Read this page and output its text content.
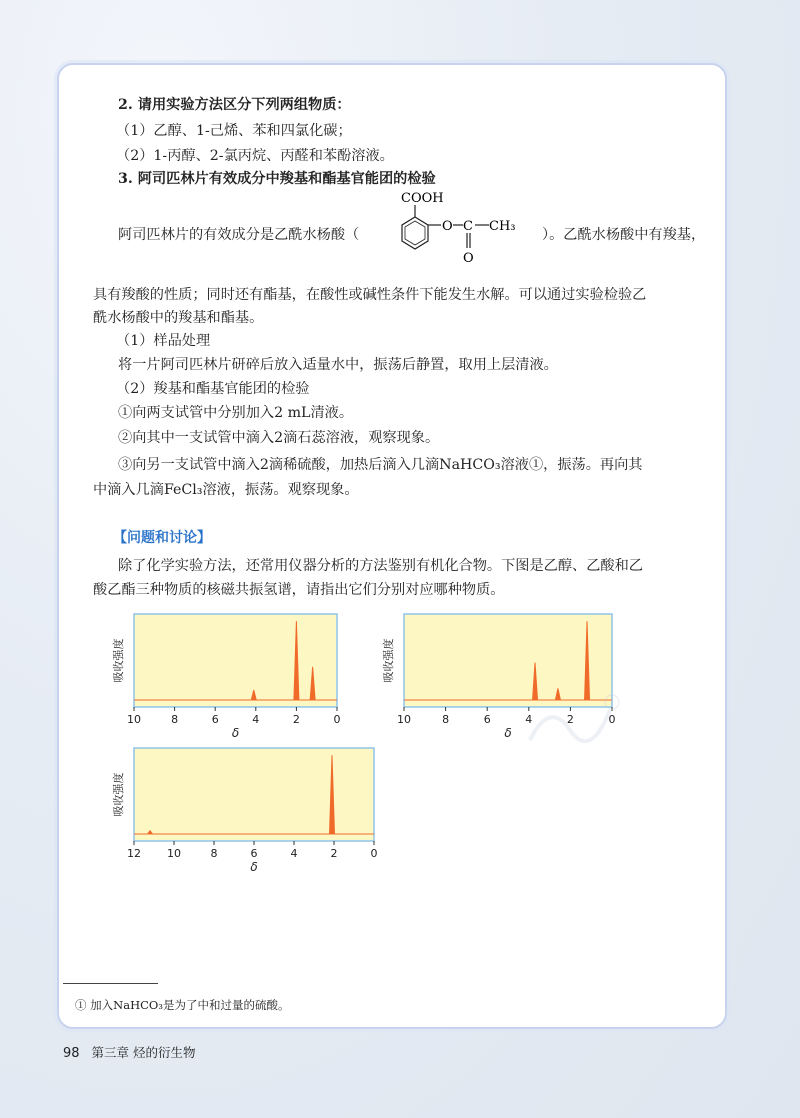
2. 请用实验方法区分下列两组物质：
（1）乙醇、1-己烯、苯和四氯化碳；
（2）1-丙醇、2-氯丙烷、丙醛和苯酚溶液。
3. 阿司匹林片有效成分中羧基和酯基官能团的检验
阿司匹林片的有效成分是乙酰水杨酸（
COOH
O C CH₃
O
）。乙酰水杨酸中有羧基，
具有羧酸的性质；同时还有酯基，在酸性或碱性条件下能发生水解。可以通过实验检验乙
酰水杨酸中的羧基和酯基。
（1）样品处理
将一片阿司匹林片研碎后放入适量水中，振荡后静置，取用上层清液。
（2）羧基和酯基官能团的检验
①向两支试管中分别加入2 mL清液。
②向其中一支试管中滴入2滴石蕊溶液，观察现象。
③向另一支试管中滴入2滴稀硫酸，加热后滴入几滴NaHCO₃溶液①，振荡。再向其
中滴入几滴FeCl₃溶液，振荡。观察现象。
【问题和讨论】
除了化学实验方法，还常用仪器分析的方法鉴别有机化合物。下图是乙醇、乙酸和乙
酸乙酯三种物质的核磁共振氢谱，请指出它们分别对应哪种物质。
10	8	6	4	2	0
δ
吸收强度
10	8	6	4	2	0
δ
吸收强度
12 10	8	6	4	2	0
δ
吸收强度
① 加入NaHCO₃是为了中和过量的硫酸。
98 第三章 烃的衍生物
